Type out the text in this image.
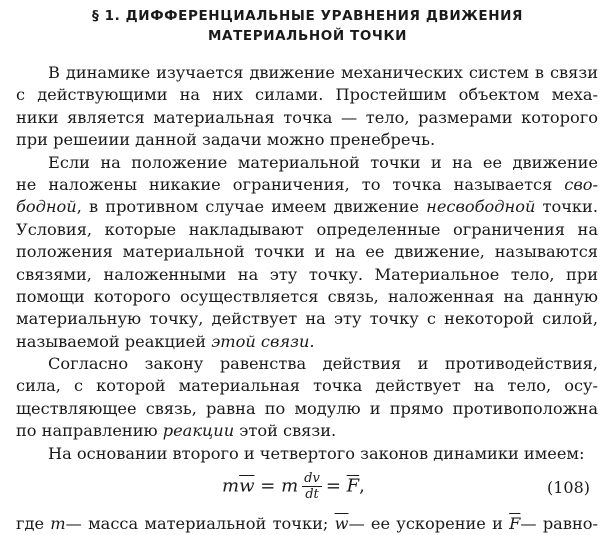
§ 1. ДИФФЕРЕНЦИАЛЬНЫЕ УРАВНЕНИЯ ДВИЖЕНИЯ
МАТЕРИАЛЬНОЙ ТОЧКИ
В динамике изучается движение механических систем в связи
с действующими на них силами. Простейшим объектом меха-
ники является материальная точка — тело, размерами которого
при решеиии данной задачи можно пренебречь.
Если на положение материальной точки и на ее движение
не наложены никакие ограничения, то точка называется сво-
бодной, в противном случае имеем движение несвободной точки.
Условия, которые накладывают определенные ограничения на
положения материальной точки и на ее движение, называются
связями, наложенными на эту точку. Материальное тело, при
помощи которого осуществляется связь, наложенная на данную
материальную точку, действует на эту точку с некоторой силой,
называемой реакцией этой связи.
Согласно закону равенства действия и противодействия,
сила, с которой материальная точка действует на тело, осу-
ществляющее связь, равна по модулю и прямо противоположна
по направлению реакции этой связи.
На основании второго и четвертого законов динамики имеем:
$m\overline{w} = m \frac{dv}{dt} = \overline{F}$,	(108)
где m— масса материальной точки; $\overline{w}—$ ее ускорение и $\overline{F}—$ равно-
